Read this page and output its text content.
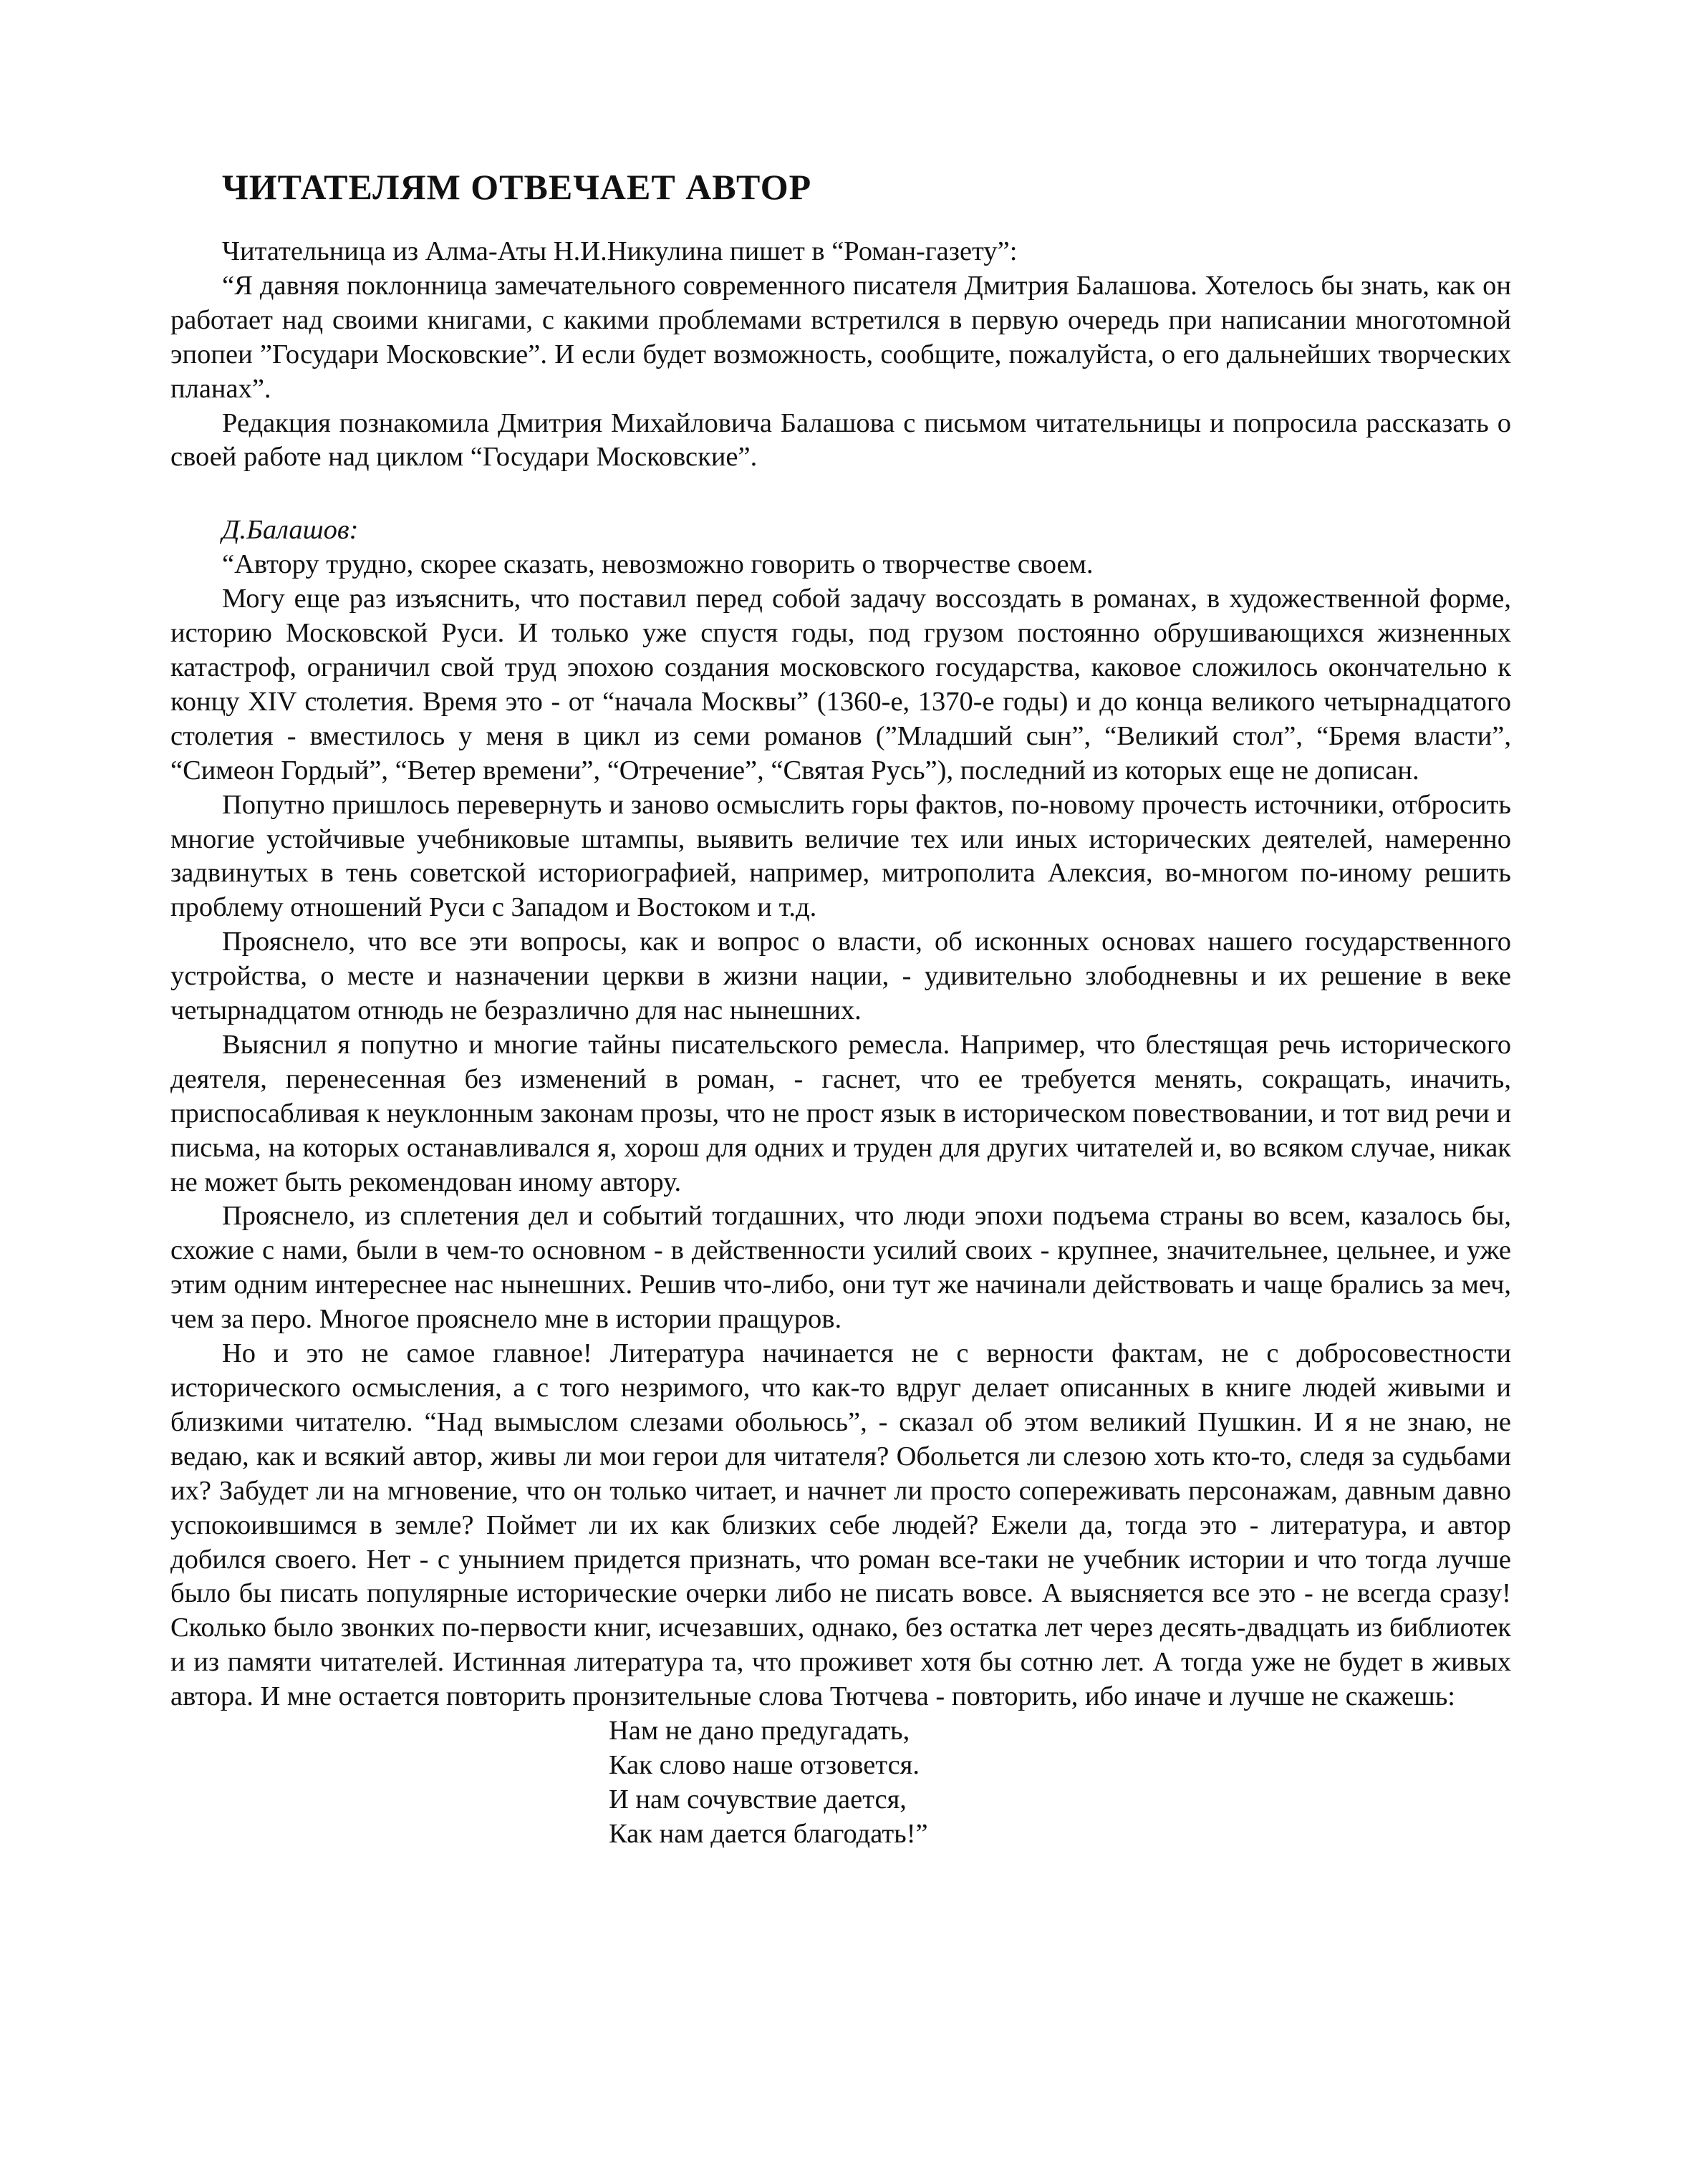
ЧИТАТЕЛЯМ ОТВЕЧАЕТ АВТОР

Читательница из Алма-Аты Н.И.Никулина пишет в “Роман-газету”:

“Я давняя поклонница замечательного современного писателя Дмитрия Балашова. Хотелось бы знать, как он работает над своими книгами, с какими проблемами встретился в первую очередь при написании многотомной эпопеи ”Государи Московские”. И если будет возможность, сообщите, пожалуйста, о его дальнейших творческих планах”.

Редакция познакомила Дмитрия Михайловича Балашова с письмом читательницы и попросила рассказать о своей работе над циклом “Государи Московские”.

Д.Балашов:

“Автору трудно, скорее сказать, невозможно говорить о творчестве своем.

Могу еще раз изъяснить, что поставил перед собой задачу воссоздать в романах, в художественной форме, историю Московской Руси. И только уже спустя годы, под грузом постоянно обрушивающихся жизненных катастроф, ограничил свой труд эпохою создания московского государства, каковое сложилось окончательно к концу XIV столетия. Время это - от “начала Москвы” (1360-е, 1370-е годы) и до конца великого четырнадцатого столетия - вместилось у меня в цикл из семи романов (”Младший сын”, “Великий стол”, “Бремя власти”, “Симеон Гордый”, “Ветер времени”, “Отречение”, “Святая Русь”), последний из которых еще не дописан.

Попутно пришлось перевернуть и заново осмыслить горы фактов, по-новому прочесть источники, отбросить многие устойчивые учебниковые штампы, выявить величие тех или иных исторических деятелей, намеренно задвинутых в тень советской историографией, например, митрополита Алексия, во-многом по-иному решить проблему отношений Руси с Западом и Востоком и т.д.

Прояснело, что все эти вопросы, как и вопрос о власти, об исконных основах нашего государственного устройства, о месте и назначении церкви в жизни нации, - удивительно злободневны и их решение в веке четырнадцатом отнюдь не безразлично для нас нынешних.

Выяснил я попутно и многие тайны писательского ремесла. Например, что блестящая речь исторического деятеля, перенесенная без изменений в роман, - гаснет, что ее требуется менять, сокращать, иначить, приспосабливая к неуклонным законам прозы, что не прост язык в историческом повествовании, и тот вид речи и письма, на которых останавливался я, хорош для одних и труден для других читателей и, во всяком случае, никак не может быть рекомендован иному автору.

Прояснело, из сплетения дел и событий тогдашних, что люди эпохи подъема страны во всем, казалось бы, схожие с нами, были в чем-то основном - в действенности усилий своих - крупнее, значительнее, цельнее, и уже этим одним интереснее нас нынешних. Решив что-либо, они тут же начинали действовать и чаще брались за меч, чем за перо. Многое прояснело мне в истории пращуров.

Но и это не самое главное! Литература начинается не с верности фактам, не с добросовестности исторического осмысления, а с того незримого, что как-то вдруг делает описанных в книге людей живыми и близкими читателю. “Над вымыслом слезами обольюсь”, - сказал об этом великий Пушкин. И я не знаю, не ведаю, как и всякий автор, живы ли мои герои для читателя? Обольется ли слезою хоть кто-то, следя за судьбами их? Забудет ли на мгновение, что он только читает, и начнет ли просто сопереживать персонажам, давным давно успокоившимся в земле? Поймет ли их как близких себе людей? Ежели да, тогда это - литература, и автор добился своего. Нет - с унынием придется признать, что роман все-таки не учебник истории и что тогда лучше было бы писать популярные исторические очерки либо не писать вовсе. А выясняется все это - не всегда сразу! Сколько было звонких по-первости книг, исчезавших, однако, без остатка лет через десять-двадцать из библиотек и из памяти читателей. Истинная литература та, что проживет хотя бы сотню лет. А тогда уже не будет в живых автора. И мне остается повторить пронзительные слова Тютчева - повторить, ибо иначе и лучше не скажешь:

Нам не дано предугадать,
Как слово наше отзовется.
И нам сочувствие дается,
Как нам дается благодать!”
